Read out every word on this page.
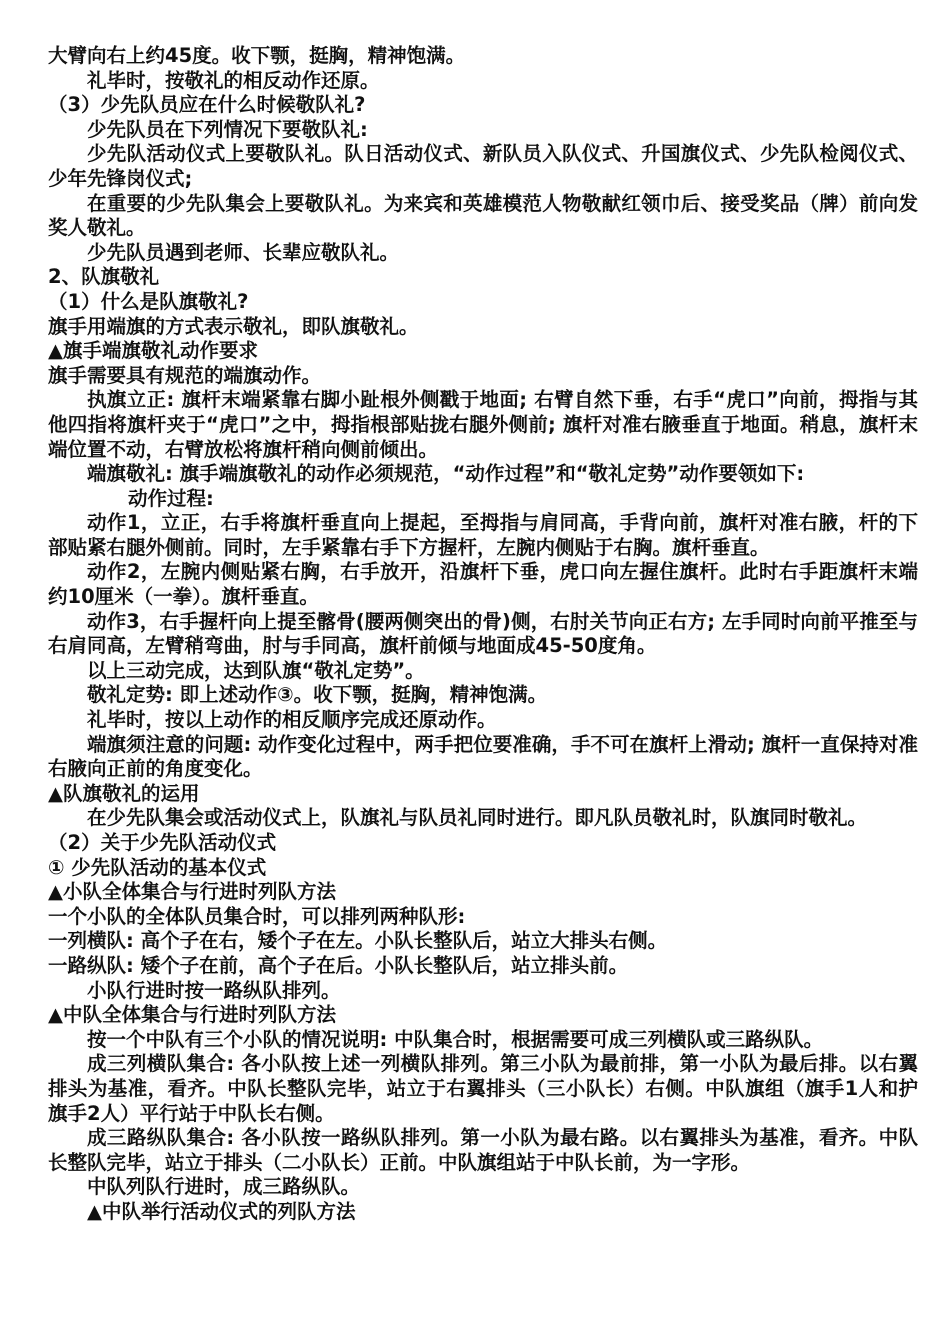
大臂向右上约45度。收下颚，挺胸，精神饱满。

礼毕时，按敬礼的相反动作还原。

（3）少先队员应在什么时候敬队礼?

少先队员在下列情况下要敬队礼:

少先队活动仪式上要敬队礼。队日活动仪式、新队员入队仪式、升国旗仪式、少先队检阅仪式、少年先锋岗仪式;

在重要的少先队集会上要敬队礼。为来宾和英雄模范人物敬献红领巾后、接受奖品（牌）前向发奖人敬礼。

少先队员遇到老师、长辈应敬队礼。

2、队旗敬礼

（1）什么是队旗敬礼?

旗手用端旗的方式表示敬礼，即队旗敬礼。

▲旗手端旗敬礼动作要求

旗手需要具有规范的端旗动作。

执旗立正: 旗杆末端紧靠右脚小趾根外侧戳于地面; 右臂自然下垂，右手“虎口”向前，拇指与其他四指将旗杆夹于“虎口”之中，拇指根部贴拢右腿外侧前; 旗杆对准右腋垂直于地面。稍息，旗杆末端位置不动，右臂放松将旗杆稍向侧前倾出。

端旗敬礼: 旗手端旗敬礼的动作必须规范，“动作过程”和“敬礼定势”动作要领如下:

动作过程:

动作1，立正，右手将旗杆垂直向上提起，至拇指与肩同高，手背向前，旗杆对准右腋，杆的下部贴紧右腿外侧前。同时，左手紧靠右手下方握杆，左腕内侧贴于右胸。旗杆垂直。

动作2，左腕内侧贴紧右胸，右手放开，沿旗杆下垂，虎口向左握住旗杆。此时右手距旗杆末端约10厘米（一拳）。旗杆垂直。

动作3，右手握杆向上提至髂骨(腰两侧突出的骨)侧，右肘关节向正右方; 左手同时向前平推至与右肩同高，左臂稍弯曲，肘与手同高，旗杆前倾与地面成45-50度角。

以上三动完成，达到队旗“敬礼定势”。

敬礼定势: 即上述动作③。收下颚，挺胸，精神饱满。

礼毕时，按以上动作的相反顺序完成还原动作。

端旗须注意的问题: 动作变化过程中，两手把位要准确，手不可在旗杆上滑动; 旗杆一直保持对准右腋向正前的角度变化。

▲队旗敬礼的运用

在少先队集会或活动仪式上，队旗礼与队员礼同时进行。即凡队员敬礼时，队旗同时敬礼。

（2）关于少先队活动仪式

① 少先队活动的基本仪式

▲小队全体集合与行进时列队方法

一个小队的全体队员集合时，可以排列两种队形:

一列横队: 高个子在右，矮个子在左。小队长整队后，站立大排头右侧。

一路纵队: 矮个子在前，高个子在后。小队长整队后，站立排头前。

小队行进时按一路纵队排列。

▲中队全体集合与行进时列队方法

按一个中队有三个小队的情况说明: 中队集合时，根据需要可成三列横队或三路纵队。

成三列横队集合: 各小队按上述一列横队排列。第三小队为最前排，第一小队为最后排。以右翼排头为基准，看齐。中队长整队完毕，站立于右翼排头（三小队长）右侧。中队旗组（旗手1人和护旗手2人）平行站于中队长右侧。

成三路纵队集合: 各小队按一路纵队排列。第一小队为最右路。以右翼排头为基准，看齐。中队长整队完毕，站立于排头（二小队长）正前。中队旗组站于中队长前，为一字形。

中队列队行进时，成三路纵队。

▲中队举行活动仪式的列队方法
